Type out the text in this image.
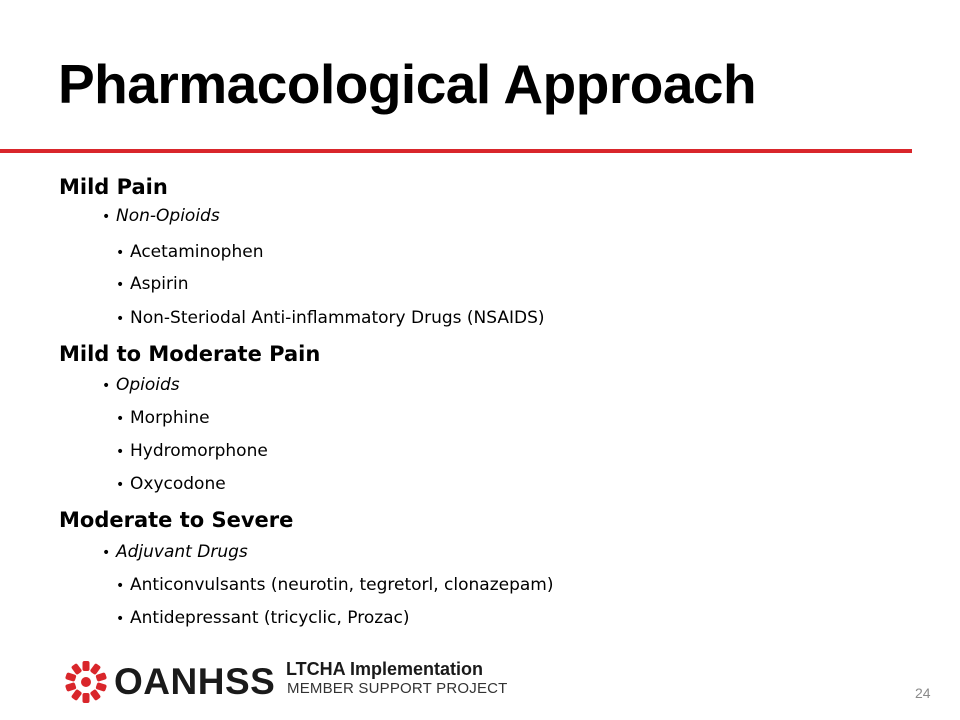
Pharmacological Approach
Mild Pain
• Non-Opioids
• Acetaminophen
• Aspirin
• Non-Steriodal Anti-inflammatory Drugs (NSAIDS)
Mild to Moderate Pain
• Opioids
• Morphine
• Hydromorphone
• Oxycodone
Moderate to Severe
• Adjuvant Drugs
• Anticonvulsants (neurotin, tegretorl, clonazepam)
• Antidepressant (tricyclic, Prozac)
OANHSS LTCHA Implementation
MEMBER SUPPORT PROJECT	24
